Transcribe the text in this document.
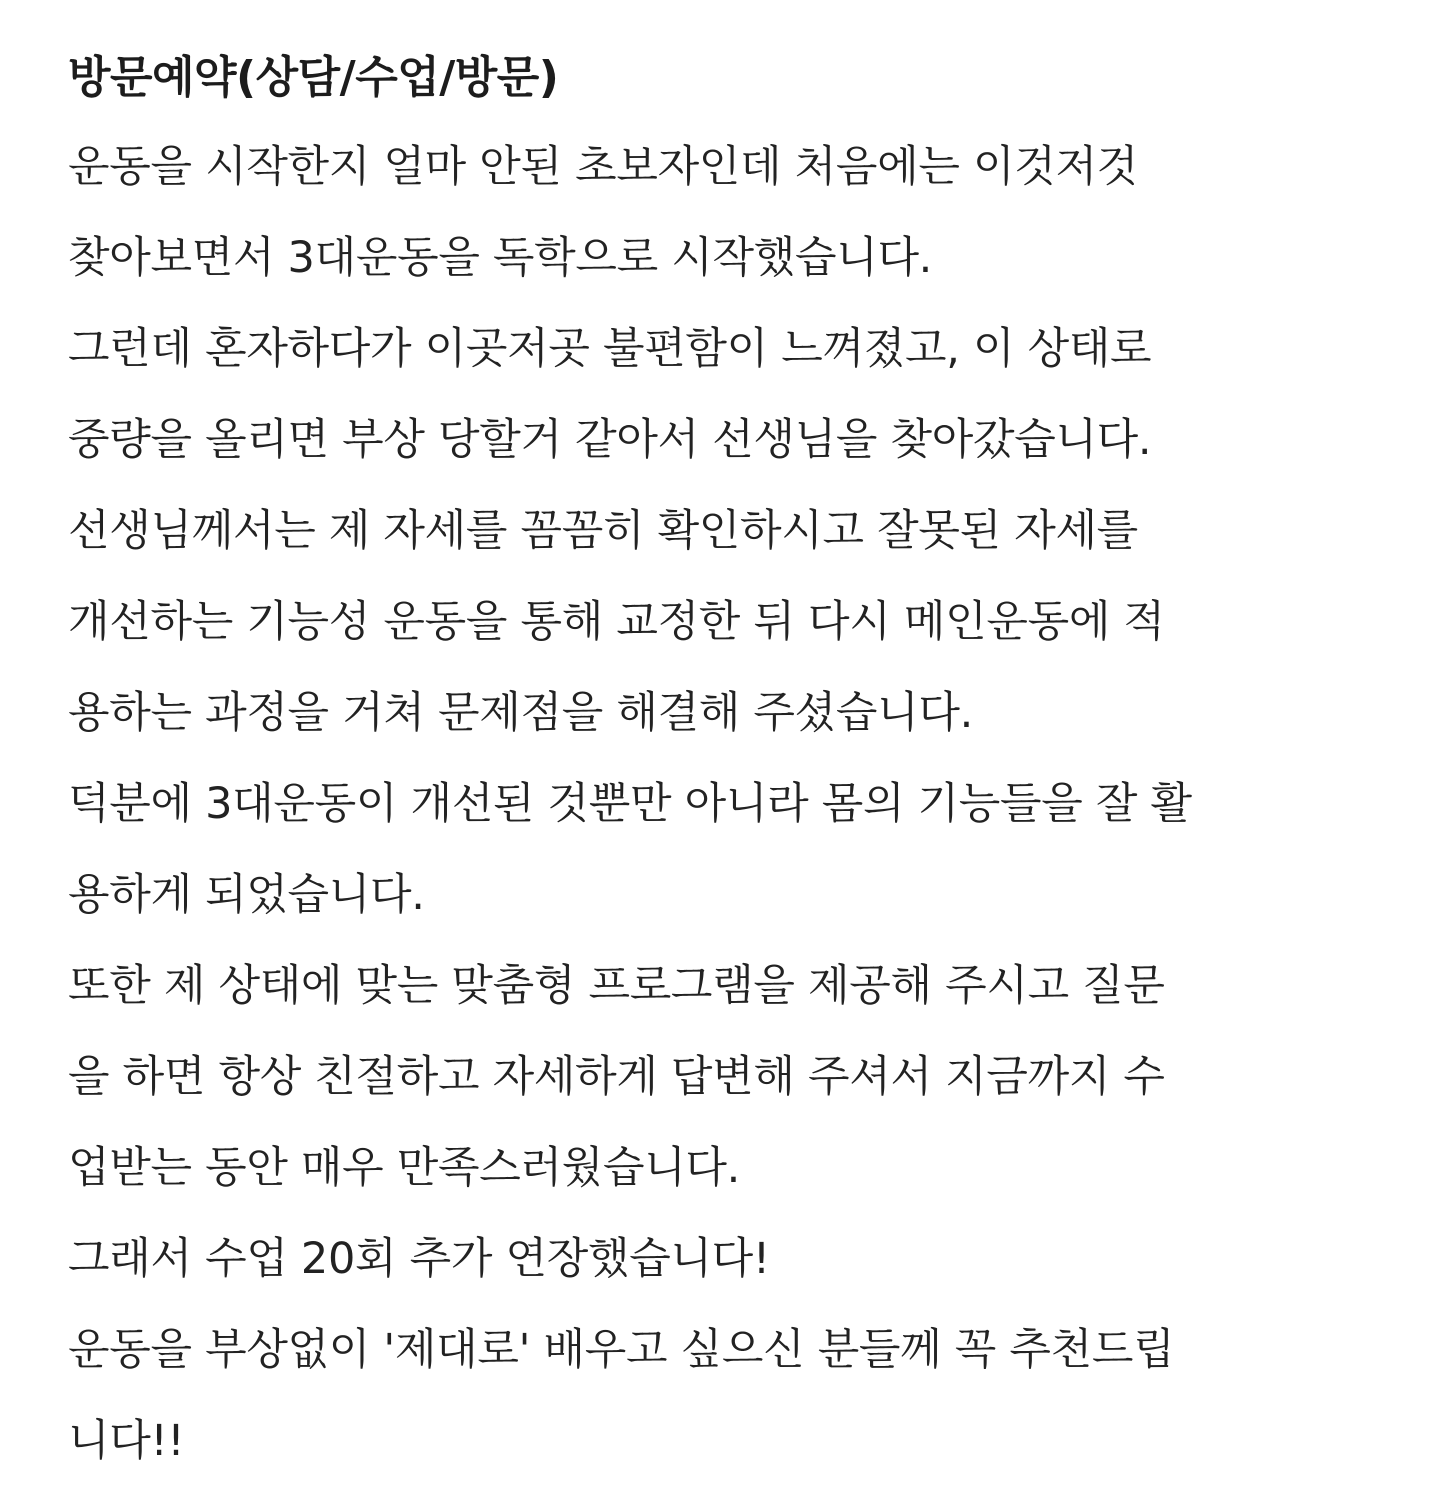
방문예약(상담/수업/방문)
운동을 시작한지 얼마 안된 초보자인데 처음에는 이것저것
찾아보면서 3대운동을 독학으로 시작했습니다.
그런데 혼자하다가 이곳저곳 불편함이 느껴졌고, 이 상태로
중량을 올리면 부상 당할거 같아서 선생님을 찾아갔습니다.
선생님께서는 제 자세를 꼼꼼히 확인하시고 잘못된 자세를
개선하는 기능성 운동을 통해 교정한 뒤 다시 메인운동에 적
용하는 과정을 거쳐 문제점을 해결해 주셨습니다.
덕분에 3대운동이 개선된 것뿐만 아니라 몸의 기능들을 잘 활
용하게 되었습니다.
또한 제 상태에 맞는 맞춤형 프로그램을 제공해 주시고 질문
을 하면 항상 친절하고 자세하게 답변해 주셔서 지금까지 수
업받는 동안 매우 만족스러웠습니다.
그래서 수업 20회 추가 연장했습니다!
운동을 부상없이 '제대로' 배우고 싶으신 분들께 꼭 추천드립
니다!!
